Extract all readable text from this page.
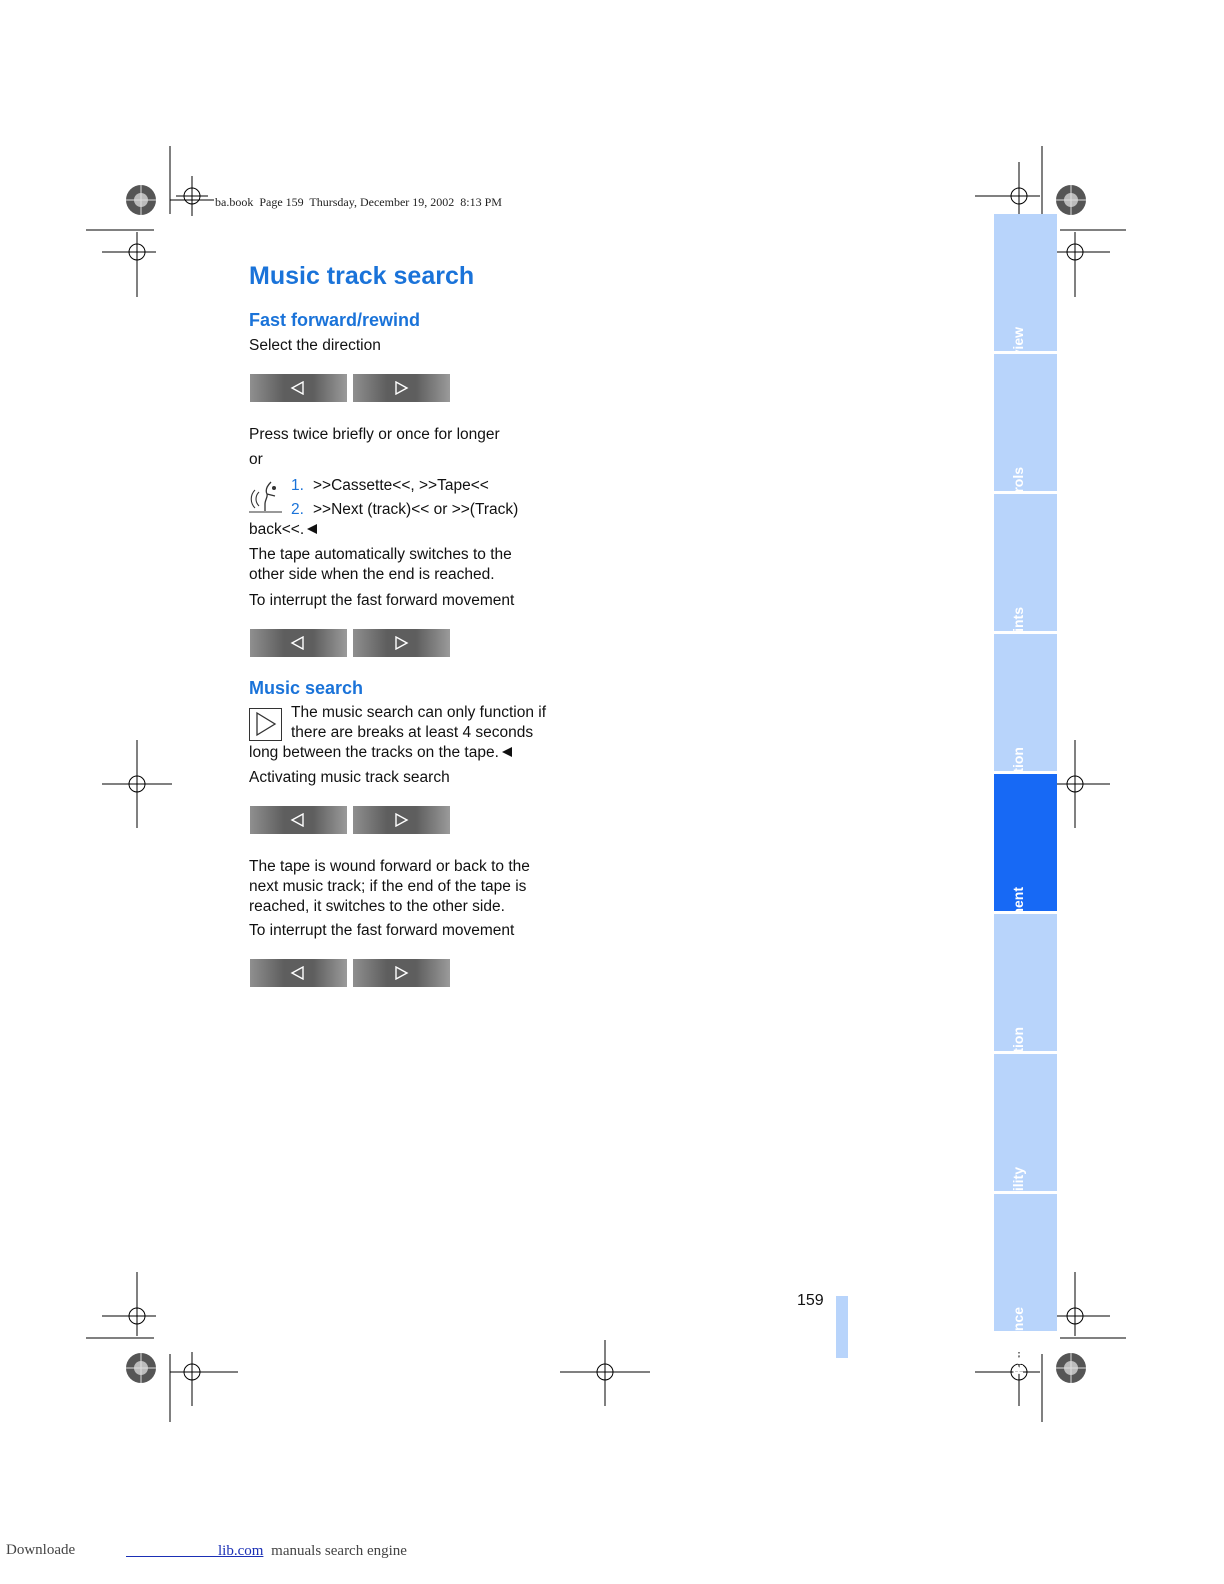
ba.book  Page 159  Thursday, December 19, 2002  8:13 PM
Music track search
Fast forward/rewind
Select the direction
Press twice briefly or once for longer
or
1. >>Cassette<<, >>Tape<<
2. >>Next (track)<< or >>(Track)
back<<.
The tape automatically switches to the
other side when the end is reached.
To interrupt the fast forward movement
Music search
The music search can only function if
there are breaks at least 4 seconds
long between the tracks on the tape.
Activating music track search
The tape is wound forward or back to the
next music track; if the end of the tape is
reached, it switches to the other side.
To interrupt the fast forward movement
Reference
159
Downloade	lib.com manuals search engine
